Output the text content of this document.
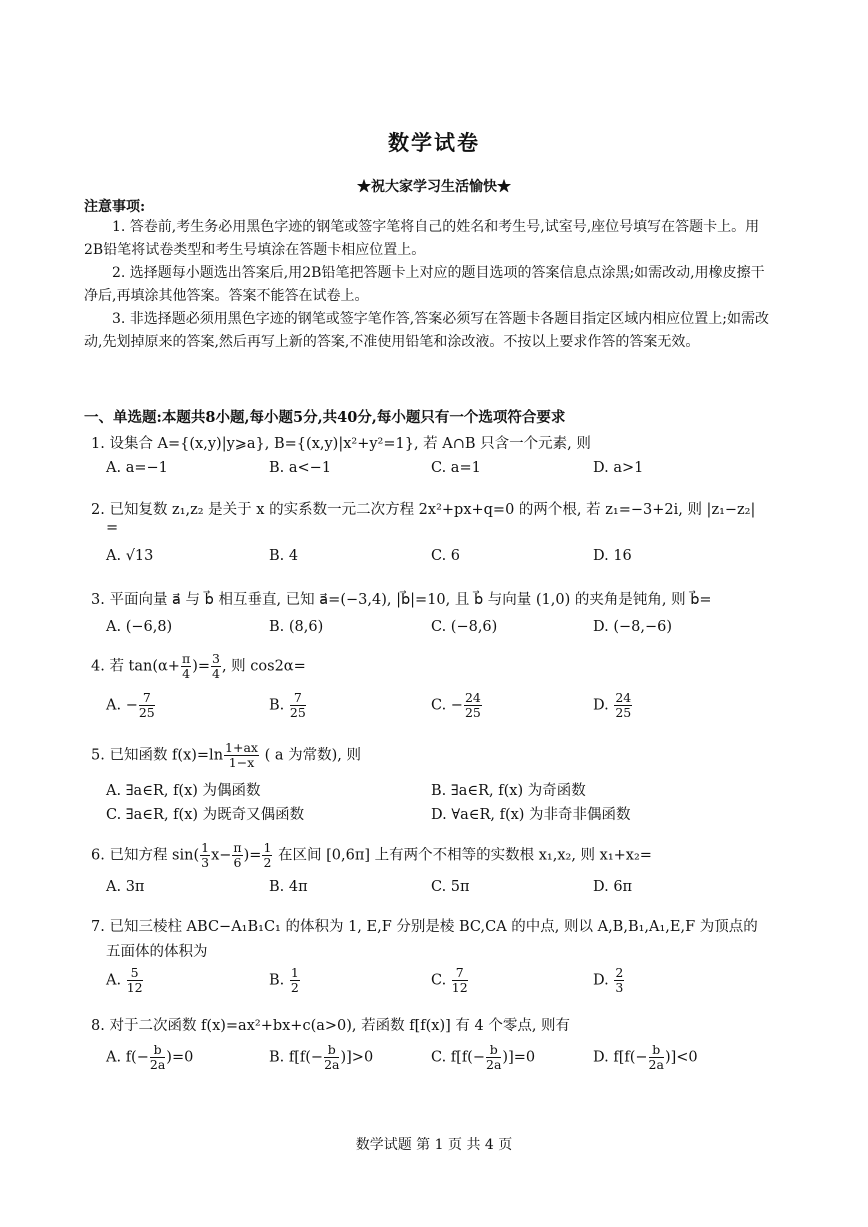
数学试卷
★祝大家学习生活愉快★
注意事项:
1. 答卷前,考生务必用黑色字迹的钢笔或签字笔将自己的姓名和考生号,试室号,座位号填写在答题卡上。用2B铅笔将试卷类型和考生号填涂在答题卡相应位置上。
2. 选择题每小题选出答案后,用2B铅笔把答题卡上对应的题目选项的答案信息点涂黑;如需改动,用橡皮擦干净后,再填涂其他答案。答案不能答在试卷上。
3. 非选择题必须用黑色字迹的钢笔或签字笔作答,答案必须写在答题卡各题目指定区域内相应位置上;如需改动,先划掉原来的答案,然后再写上新的答案,不准使用铅笔和涂改液。不按以上要求作答的答案无效。
一、单选题:本题共8小题,每小题5分,共40分,每小题只有一个选项符合要求
1. 设集合 A={(x,y)|y⩾a}, B={(x,y)|x²+y²=1}, 若 A∩B 只含一个元素, 则
A. a=−1	B. a<−1	C. a=1	D. a>1
2. 已知复数 z₁,z₂ 是关于 x 的实系数一元二次方程 2x²+px+q=0 的两个根, 若 z₁=−3+2i, 则 |z₁−z₂|
=
A. √13	B. 4	C. 6	D. 16
3. 平面向量 a⃗ 与 b⃗ 相互垂直, 已知 a⃗=(−3,4), |b⃗|=10, 且 b⃗ 与向量 (1,0) 的夹角是钝角, 则 b⃗=
A. (−6,8)	B. (8,6)	C. (−8,6)	D. (−8,−6)
4. 若 $\tan(\alpha+ \frac{\pi}{4}$ )= $\frac{3}{4}$ , 则 cos2α=
A. − $\frac{7}{25}$	B. $\frac{7}{25}$	C. − $\frac{24}{25}$	D. $\frac{24}{25}$
5. 已知函数 $f(x)=\ln \frac{1+ax}{1-x}$ ( a 为常数), 则
A. ∃a∈R, f(x) 为偶函数	B. ∃a∈R, f(x) 为奇函数
C. ∃a∈R, f(x) 为既奇又偶函数	D. ∀a∈R, f(x) 为非奇非偶函数
6. 已知方程 $\sin( \frac{1}{3} x- \frac{\pi}{6}$ )= $\frac{1}{2}$ 在区间 [0,6π] 上有两个不相等的实数根 x₁,x₂, 则 x₁+x₂=
A. 3π	B. 4π	C. 5π	D. 6π
7. 已知三棱柱 ABC−A₁B₁C₁ 的体积为 1, E,F 分别是棱 BC,CA 的中点, 则以 A,B,B₁,A₁,E,F 为顶点的
五面体的体积为
A. $\frac{5}{12}$	B. $\frac{1}{2}$	C. $\frac{7}{12}$	D. $\frac{2}{3}$
8. 对于二次函数 f(x)=ax²+bx+c(a>0), 若函数 f[f(x)] 有 4 个零点, 则有
A. $f(- \frac{b}{2a} )=0$	B. $f[f(- \frac{b}{2a} )]>0$	C. $f[f(- \frac{b}{2a} )]=0$	D. $f[f(- \frac{b}{2a} )]<0$
数学试题 第 1 页 共 4 页
